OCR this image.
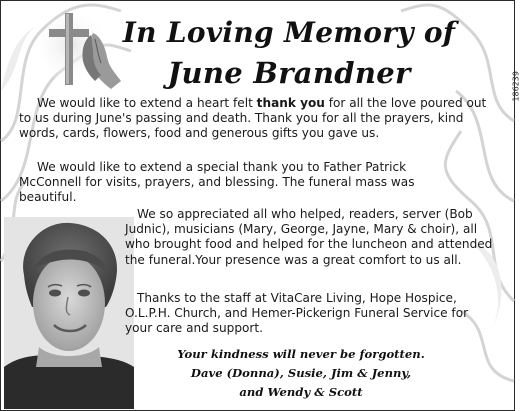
In Loving Memory of
June Brandner	186239

We would like to extend a heart felt thank you for all the love poured out to us during June's passing and death. Thank you for all the prayers, kind words, cards, flowers, food and generous gifts you gave us.

We would like to extend a special thank you to Father Patrick McConnell for visits, prayers, and blessing. The funeral mass was beautiful.

We so appreciated all who helped, readers, server (Bob Judnic), musicians (Mary, George, Jayne, Mary & choir), all who brought food and helped for the luncheon and attended the funeral.Your presence was a great comfort to us all.

Thanks to the staff at VitaCare Living, Hope Hospice, O.L.P.H. Church, and Hemer-Pickerign Funeral Service for your care and support.

Your kindness will never be forgotten.
Dave (Donna), Susie, Jim & Jenny,
and Wendy & Scott
